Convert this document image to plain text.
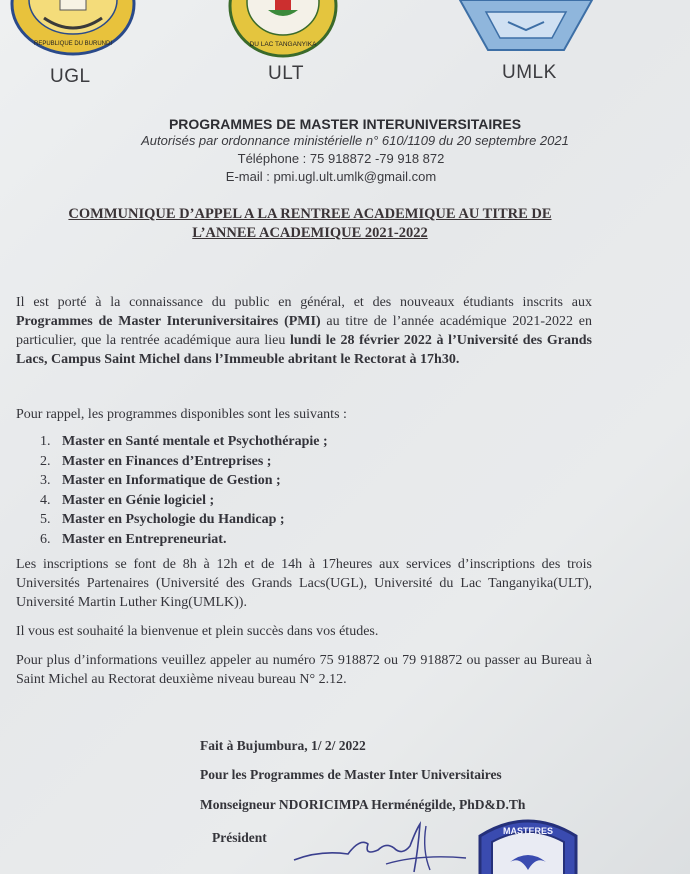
REPUBLIQUE DU BURUNDI	DU LAC TANGANYIKA
UGL	ULT	UMLK
PROGRAMMES DE MASTER INTERUNIVERSITAIRES
Autorisés par ordonnance ministérielle n° 610/1109 du 20 septembre 2021
Téléphone : 75 918872 -79 918 872
E-mail : pmi.ugl.ult.umlk@gmail.com
COMMUNIQUE D’APPEL A LA RENTREE ACADEMIQUE AU TITRE DE
L’ANNEE ACADEMIQUE 2021-2022
Il est porté à la connaissance du public en général, et des nouveaux étudiants inscrits aux Programmes de Master Interuniversitaires (PMI) au titre de l’année académique 2021-2022 en particulier, que la rentrée académique aura lieu lundi le 28 février 2022 à l’Université des Grands Lacs, Campus Saint Michel dans l’Immeuble abritant le Rectorat à 17h30.
Pour rappel, les programmes disponibles sont les suivants :
1. Master en Santé mentale et Psychothérapie ;
2. Master en Finances d’Entreprises ;
3. Master en Informatique de Gestion ;
4. Master en Génie logiciel ;
5. Master en Psychologie du Handicap ;
6. Master en Entrepreneuriat.
Les inscriptions se font de 8h à 12h et de 14h à 17heures aux services d’inscriptions des trois Universités Partenaires (Université des Grands Lacs(UGL), Université du Lac Tanganyika(ULT), Université Martin Luther King(UMLK)).
Il vous est souhaité la bienvenue et plein succès dans vos études.
Pour plus d’informations veuillez appeler au numéro 75 918872 ou 79 918872 ou passer au Bureau à Saint Michel au Rectorat deuxième niveau bureau N° 2.12.
Fait à Bujumbura, 1/ 2/ 2022
Pour les Programmes de Master Inter Universitaires
Monseigneur NDORICIMPA Herménégilde, PhD&D.Th
Président	MASTERES
